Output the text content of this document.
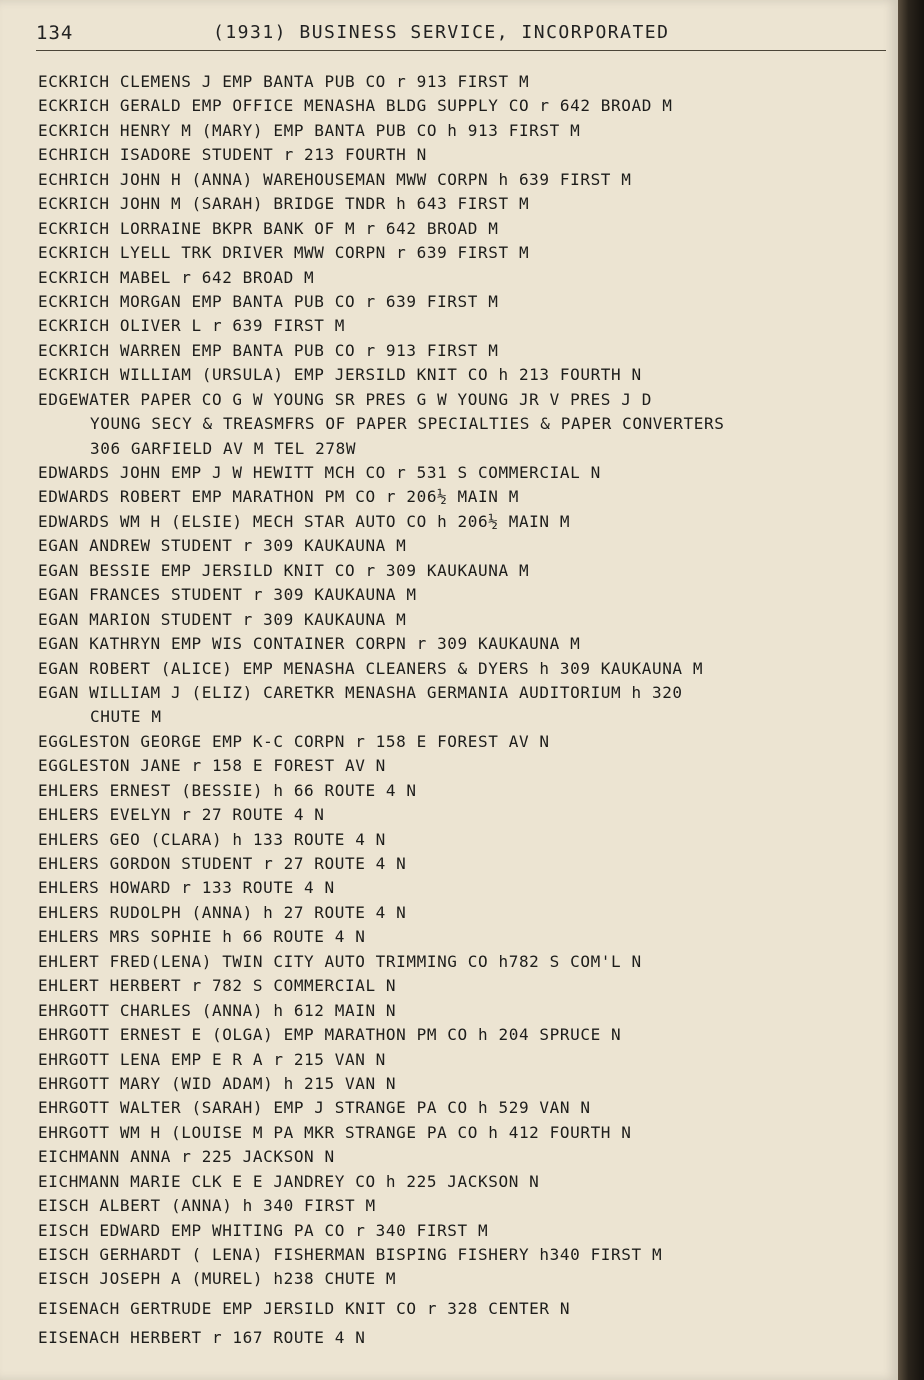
134	(1931) BUSINESS SERVICE, INCORPORATED
ECKRICH CLEMENS J EMP BANTA PUB CO r 913 FIRST M
ECKRICH GERALD EMP OFFICE MENASHA BLDG SUPPLY CO r 642 BROAD M
ECKRICH HENRY M (MARY) EMP BANTA PUB CO h 913 FIRST M
ECHRICH ISADORE STUDENT r 213 FOURTH N
ECHRICH JOHN H (ANNA) WAREHOUSEMAN MWW CORPN h 639 FIRST M
ECKRICH JOHN M (SARAH) BRIDGE TNDR h 643 FIRST M
ECKRICH LORRAINE BKPR BANK OF M r 642 BROAD M
ECKRICH LYELL TRK DRIVER MWW CORPN r 639 FIRST M
ECKRICH MABEL r 642 BROAD M
ECKRICH MORGAN EMP BANTA PUB CO r 639 FIRST M
ECKRICH OLIVER L r 639 FIRST M
ECKRICH WARREN EMP BANTA PUB CO r 913 FIRST M
ECKRICH WILLIAM (URSULA) EMP JERSILD KNIT CO h 213 FOURTH N
EDGEWATER PAPER CO G W YOUNG SR PRES G W YOUNG JR V PRES J D
YOUNG SECY & TREASMFRS OF PAPER SPECIALTIES & PAPER CONVERTERS
306 GARFIELD AV M TEL 278W
EDWARDS JOHN EMP J W HEWITT MCH CO r 531 S COMMERCIAL N
EDWARDS ROBERT EMP MARATHON PM CO r 206½ MAIN M
EDWARDS WM H (ELSIE) MECH STAR AUTO CO h 206½ MAIN M
EGAN ANDREW STUDENT r 309 KAUKAUNA M
EGAN BESSIE EMP JERSILD KNIT CO r 309 KAUKAUNA M
EGAN FRANCES STUDENT r 309 KAUKAUNA M
EGAN MARION STUDENT r 309 KAUKAUNA M
EGAN KATHRYN EMP WIS CONTAINER CORPN r 309 KAUKAUNA M
EGAN ROBERT (ALICE) EMP MENASHA CLEANERS & DYERS h 309 KAUKAUNA M
EGAN WILLIAM J (ELIZ) CARETKR MENASHA GERMANIA AUDITORIUM h 320
CHUTE M
EGGLESTON GEORGE EMP K-C CORPN r 158 E FOREST AV N
EGGLESTON JANE r 158 E FOREST AV N
EHLERS ERNEST (BESSIE) h 66 ROUTE 4 N
EHLERS EVELYN r 27 ROUTE 4 N
EHLERS GEO (CLARA) h 133 ROUTE 4 N
EHLERS GORDON STUDENT r 27 ROUTE 4 N
EHLERS HOWARD r 133 ROUTE 4 N
EHLERS RUDOLPH (ANNA) h 27 ROUTE 4 N
EHLERS MRS SOPHIE h 66 ROUTE 4 N
EHLERT FRED(LENA) TWIN CITY AUTO TRIMMING CO h782 S COM'L N
EHLERT HERBERT r 782 S COMMERCIAL N
EHRGOTT CHARLES (ANNA) h 612 MAIN N
EHRGOTT ERNEST E (OLGA) EMP MARATHON PM CO h 204 SPRUCE N
EHRGOTT LENA EMP E R A r 215 VAN N
EHRGOTT MARY (WID ADAM) h 215 VAN N
EHRGOTT WALTER (SARAH) EMP J STRANGE PA CO h 529 VAN N
EHRGOTT WM H (LOUISE M PA MKR STRANGE PA CO h 412 FOURTH N
EICHMANN ANNA r 225 JACKSON N
EICHMANN MARIE CLK E E JANDREY CO h 225 JACKSON N
EISCH ALBERT (ANNA) h 340 FIRST M
EISCH EDWARD EMP WHITING PA CO r 340 FIRST M
EISCH GERHARDT ( LENA) FISHERMAN BISPING FISHERY h340 FIRST M
EISCH JOSEPH A (MUREL) h238 CHUTE M
EISENACH GERTRUDE EMP JERSILD KNIT CO r 328 CENTER N
EISENACH HERBERT r 167 ROUTE 4 N
